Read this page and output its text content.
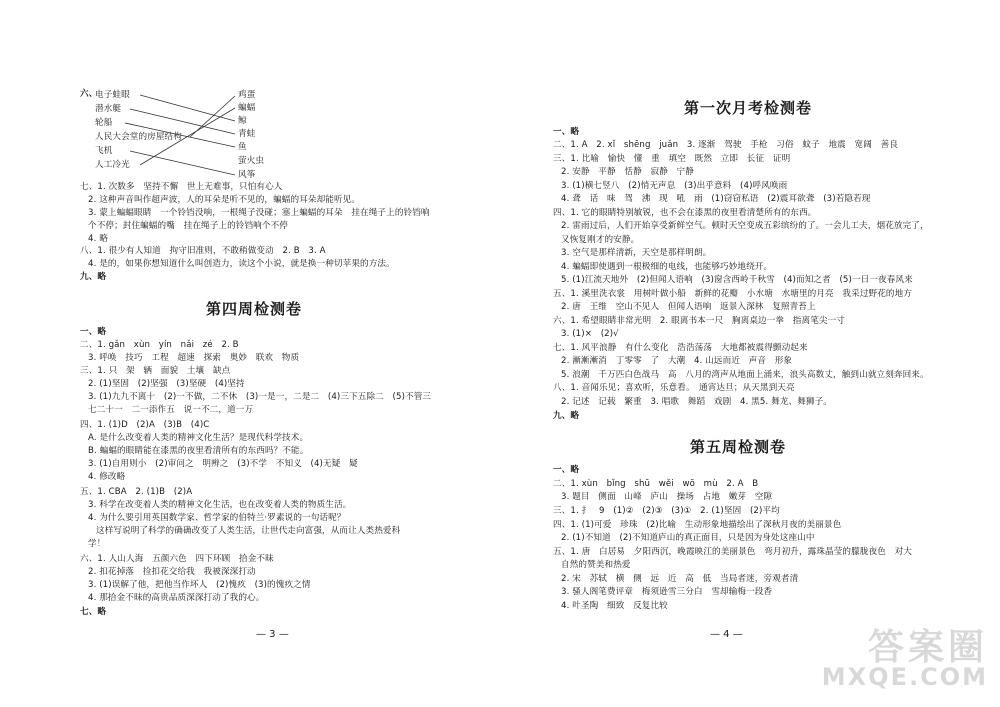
六、
电子蛙眼
潜水艇
轮船
人民大会堂的房屋结构
飞机
人工冷光
鸡蛋
蝙蝠
鲸
青蛙
鱼
萤火虫
风筝
七、1. 次数多　坚持不懈　世上无难事，只怕有心人
2. 这种声音叫作超声波，人的耳朵是听不见的，蝙蝠的耳朵却能听见。
3. 蒙上蝙蝠眼睛　一个铃铛没响，一根绳子没碰；塞上蝙蝠的耳朵　挂在绳子上的铃铛响
个不停；封住蝙蝠的嘴　挂在绳子上的铃铛响个不停
4. 略
八、1. 很少有人知道　拘守旧准则，不敢稍做变动　2. B　3. A
4. 是的，如果你想知道什么叫创造力，读这个小说，就是换一种切苹果的方法。
九、略
第四周检测卷
一、略
二、1. gǎn　xùn　yín　nǎi　zé　2. B
3. 呼唤　技巧　工程　超速　探索　奥妙　联欢　物质
三、1. 只　架　辆　面貌　土壤　缺点
2. (1)坚固　(2)坚强　(3)坚硬　(4)坚持
3. (1)九九不离十　(2)一不做，二不休　(3)一是一，二是二　(4)三下五除二　(5)不管三
七二十一　二一添作五　说一不二，道一万
四、1. (1)D　(2)A　(3)B　(4)C
A. 是什么改变着人类的精神文化生活？是现代科学技术。
B. 蝙蝠的眼睛能在漆黑的夜里看清所有的东西吗？不能。
3. (1)自用则小　(2)审问之　明辨之　(3)不学　不知义　(4)无疑　疑
4. 修改略
五、1. CBA　2. (1)B　(2)A
3. 科学在改变着人类的精神文化生活，也在改变着人类的物质生活。
4. 为什么要引用英国数学家、哲学家的伯特兰·罗素说的一句话呢？
这样写说明了科学的确确改变了人类生活，让世代走向富强，从而让人类热爱科
学！
六、1. 人山人海　五颜六色　四下环顾　拾金不昧
2. 扣花掉落　捡扣花交给我　我被深深打动
3. (1)误解了他，把他当作坏人　(2)愧疚　(3)的愧疚之情
4. 那拾金不昧的高贵品质深深打动了我的心。
七、略
— 3 —
第一次月考检测卷
一、略
二、1. A　2. xǐ　shēng　juǎn　3. 逐渐　驾驶　手枪　习俗　蚊子　地震　宽阔　善良
三、1. 比喻　愉快　懂　重　填空　既然　立即　长征　证明
2. 安静　平静　恬静　寂静　宁静
3. (1)横七竖八　(2)悄无声息　(3)出乎意料　(4)呼风唤雨
4. 聋　话　味　驾　沸　现　吼　雨　(1)窃窃私语　(2)震耳欲聋　(3)若隐若现
四、1. 它的眼睛特别敏锐，也不会在漆黑的夜里看清楚所有的东西。
2. 雷雨过后，人们开始享受新鲜空气。顿时天空变成五彩缤纷的了。一会儿工夫，烟花放完了，
又恢复刚才的安静。
3. 空气是那样清新，天空是那样明朗。
4. 蝙蝠即使遇到一根极细的电线，也能够巧妙地绕开。
5. (1)江流天地外　(2)但闻人语响　(3)窗含西岭千秋雪　(4)而知之者　(5)一日一夜春风来
五、1. 溪里洗衣裳　用树叶做小船　新鲜的花瓣　小水塘　水塘里的月亮　我采过野花的地方
2. 唐　王维　空山不见人　但闻人语响　返景入深林　复照青苔上
六、1. 希望眼睛非常光明　2. 眼离书本一尺　胸离桌边一拳　指离笔尖一寸
3. (1)×　(2)√
七、1. 风平浪静　有什么变化　浩浩荡荡　大地都被震得颤动起来
2. 漸漸漸消　丁零零　了　大潮　4. 山远而近　声音　形象
5. 浪潮　千万匹白色战马　高　八月的湾声从地面上涌来，浪头高数丈，触到山就立刻奔回来。
八、1. 音闻乐见；喜欢听，乐意看。　通宵达旦；从天黑到天亮
2. 记述　记载　繁重　3. 唱歌　舞蹈　戏剧　4. 黑5. 舞龙、舞狮子。
九、略
第五周检测卷
一、略
二、1. xùn　bǐng　shū　wěi　wō　mù　2. A　B
3. 题目　侧面　山峰　庐山　操场　占地　嫩芽　空隙
三、1. 扌　9　(1)②　(2)③　(3)①　2. (1)坚固　(2)平均
四、1. (1)可爱　珍珠　(2)比喻　生动形象地描绘出了深秋月夜的美丽景色
2. (1)不知道　(2)不知道庐山的真正面目，只是因为身处这座山中
五、1. 唐　白居易　夕阳西沉，晚霞映江的美丽景色　弯月初升，露珠晶莹的朦胧夜色　对大
自然的赞美和热爱
2. 宋　苏轼　横　侧　远　近　高　低　当局者迷，旁观者清
3. 骚人阁笔费评章　梅须逊雪三分白　雪却输梅一段香
4. 叶圣陶　细致　反复比较
— 4 —	答案圈
MXQE.COM
